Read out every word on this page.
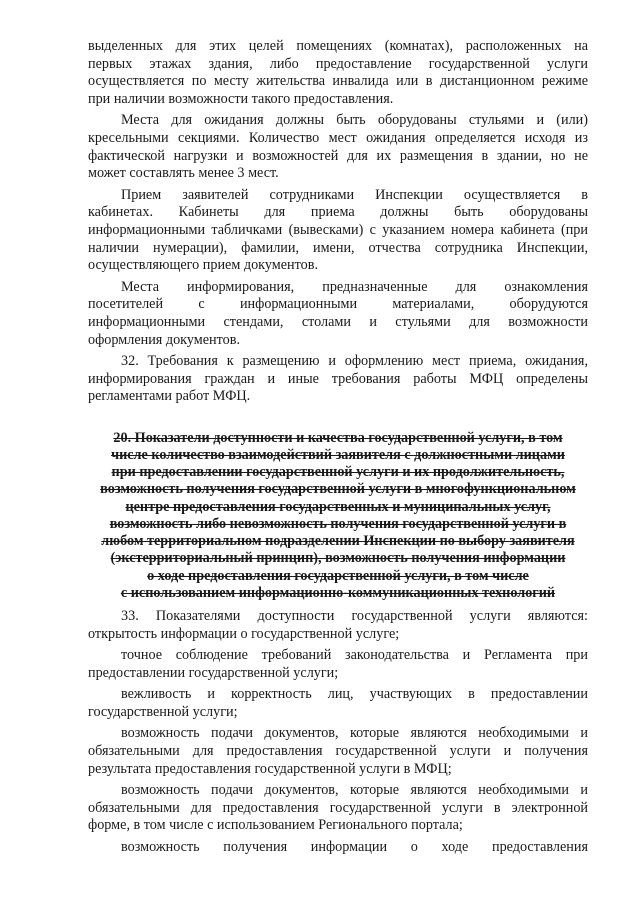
выделенных для этих целей помещениях (комнатах), расположенных на
первых этажах здания, либо предоставление государственной услуги
осуществляется по месту жительства инвалида или в дистанционном режиме
при наличии возможности такого предоставления.

Места для ожидания должны быть оборудованы стульями и (или)
кресельными секциями. Количество мест ожидания определяется исходя из
фактической нагрузки и возможностей для их размещения в здании, но не
может составлять менее 3 мест.

Прием заявителей сотрудниками Инспекции осуществляется в
кабинетах. Кабинеты для приема должны быть оборудованы
информационными табличками (вывесками) с указанием номера кабинета (при
наличии нумерации), фамилии, имени, отчества сотрудника Инспекции,
осуществляющего прием документов.

Места информирования, предназначенные для ознакомления
посетителей с информационными материалами, оборудуются
информационными стендами, столами и стульями для возможности
оформления документов.

32. Требования к размещению и оформлению мест приема, ожидания,
информирования граждан и иные требования работы МФЦ определены
регламентами работ МФЦ.

20. Показатели доступности и качества государственной услуги, в том

числе количество взаимодействий заявителя с должностными лицами

при предоставлении государственной услуги и их продолжительность,

возможность получения государственной услуги в многофункциональном

центре предоставления государственных и муниципальных услуг,

возможность либо невозможность получения государственной услуги в

любом территориальном подразделении Инспекции по выбору заявителя

(экстерриториальный принцип), возможность получения информации

о ходе предоставления государственной услуги, в том числе

с использованием информационно-коммуникационных технологий

33. Показателями доступности государственной услуги являются:
открытость информации о государственной услуге;

точное соблюдение требований законодательства и Регламента при
предоставлении государственной услуги;

вежливость и корректность лиц, участвующих в предоставлении
государственной услуги;

возможность подачи документов, которые являются необходимыми и
обязательными для предоставления государственной услуги и получения
результата предоставления государственной услуги в МФЦ;

возможность подачи документов, которые являются необходимыми и
обязательными для предоставления государственной услуги в электронной
форме, в том числе с использованием Регионального портала;

возможность получения информации о ходе предоставления
